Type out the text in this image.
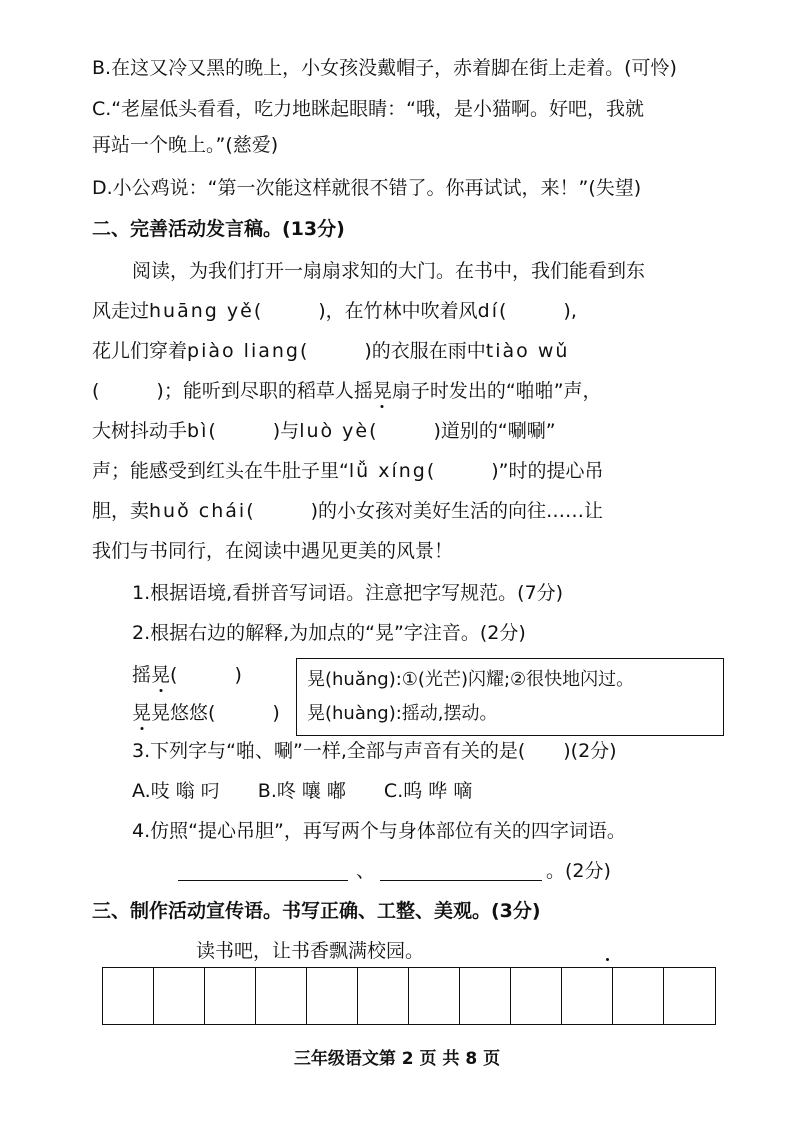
B.在这又冷又黑的晚上，小女孩没戴帽子，赤着脚在街上走着。(可怜)
C.“老屋低头看看，吃力地眯起眼睛：“哦，是小猫啊。好吧，我就
再站一个晚上。”(慈爱)
D.小公鸡说：“第一次能这样就很不错了。你再试试，来！”(失望)
二、完善活动发言稿。(13分)
阅读，为我们打开一扇扇求知的大门。在书中，我们能看到东
风走过huāng yě(　　　)，在竹林中吹着风dí(　　　),
花儿们穿着piào liang(　　　)的衣服在雨中tiào wǔ
(　　　)；能听到尽职的稻草人摇晃扇子时发出的“啪啪”声，
大树抖动手bì(　　　)与luò yè(　　　)道别的“唰唰”
声；能感受到红头在牛肚子里“lǚ xíng(　　　)”时的提心吊
胆，卖huǒ chái(　　　)的小女孩对美好生活的向往……让
我们与书同行，在阅读中遇见更美的风景！
1.根据语境,看拼音写词语。注意把字写规范。(7分)
2.根据右边的解释,为加点的“晃”字注音。(2分)
摇晃(　　　)
晃晃悠悠(　　　)
晃(huǎng):①(光芒)闪耀;②很快地闪过。
晃(huàng):摇动,摆动。
3.下列字与“啪、唰”一样,全部与声音有关的是(　　)(2分)
A.吱 嗡 叼　　B.咚 嚷 嘟　　C.呜 哗 嘀
4.仿照“提心吊胆”，再写两个与身体部位有关的四字词语。
、	。(2分)
三、制作活动宣传语。书写正确、工整、美观。(3分)
读书吧，让书香飘满校园。
三年级语文第 2 页 共 8 页
